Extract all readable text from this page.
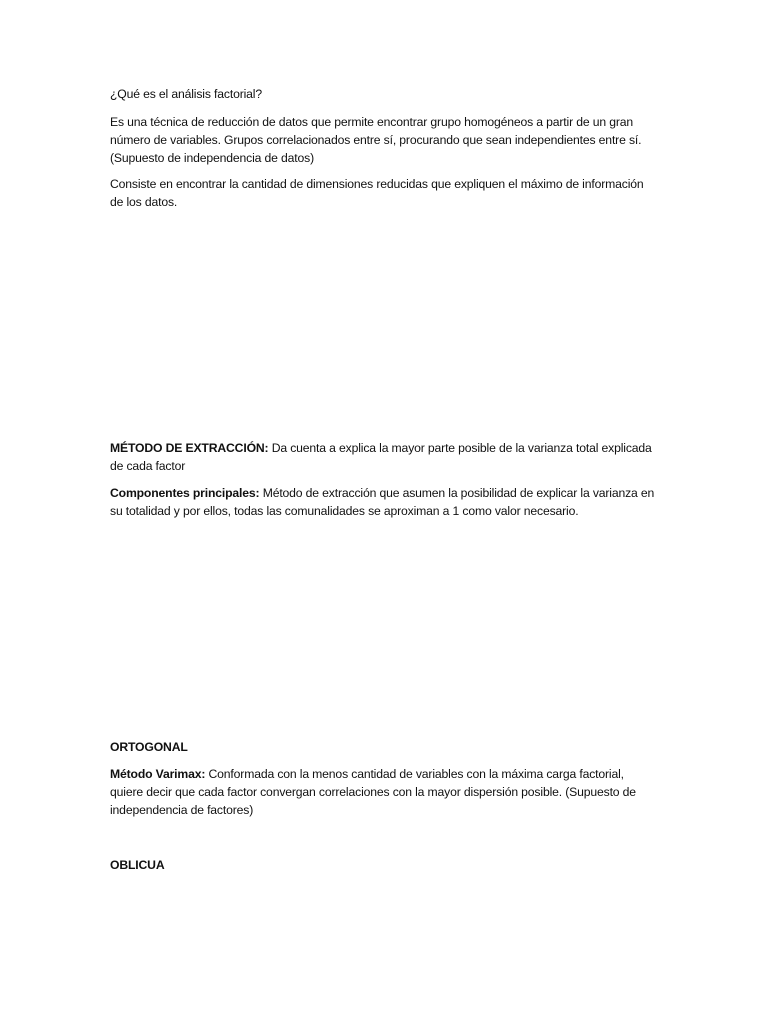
¿Qué es el análisis factorial?

Es una técnica de reducción de datos que permite encontrar grupo homogéneos a partir de un gran número de variables. Grupos correlacionados entre sí, procurando que sean independientes entre sí. (Supuesto de independencia de datos)

Consiste en encontrar la cantidad de dimensiones reducidas que expliquen el máximo de información de los datos.

MÉTODO DE EXTRACCIÓN: Da cuenta a explica la mayor parte posible de la varianza total explicada de cada factor

Componentes principales: Método de extracción que asumen la posibilidad de explicar la varianza en su totalidad y por ellos, todas las comunalidades se aproximan a 1 como valor necesario.

ORTOGONAL

Método Varimax: Conformada con la menos cantidad de variables con la máxima carga factorial, quiere decir que cada factor convergan correlaciones con la mayor dispersión posible. (Supuesto de independencia de factores)

OBLICUA
